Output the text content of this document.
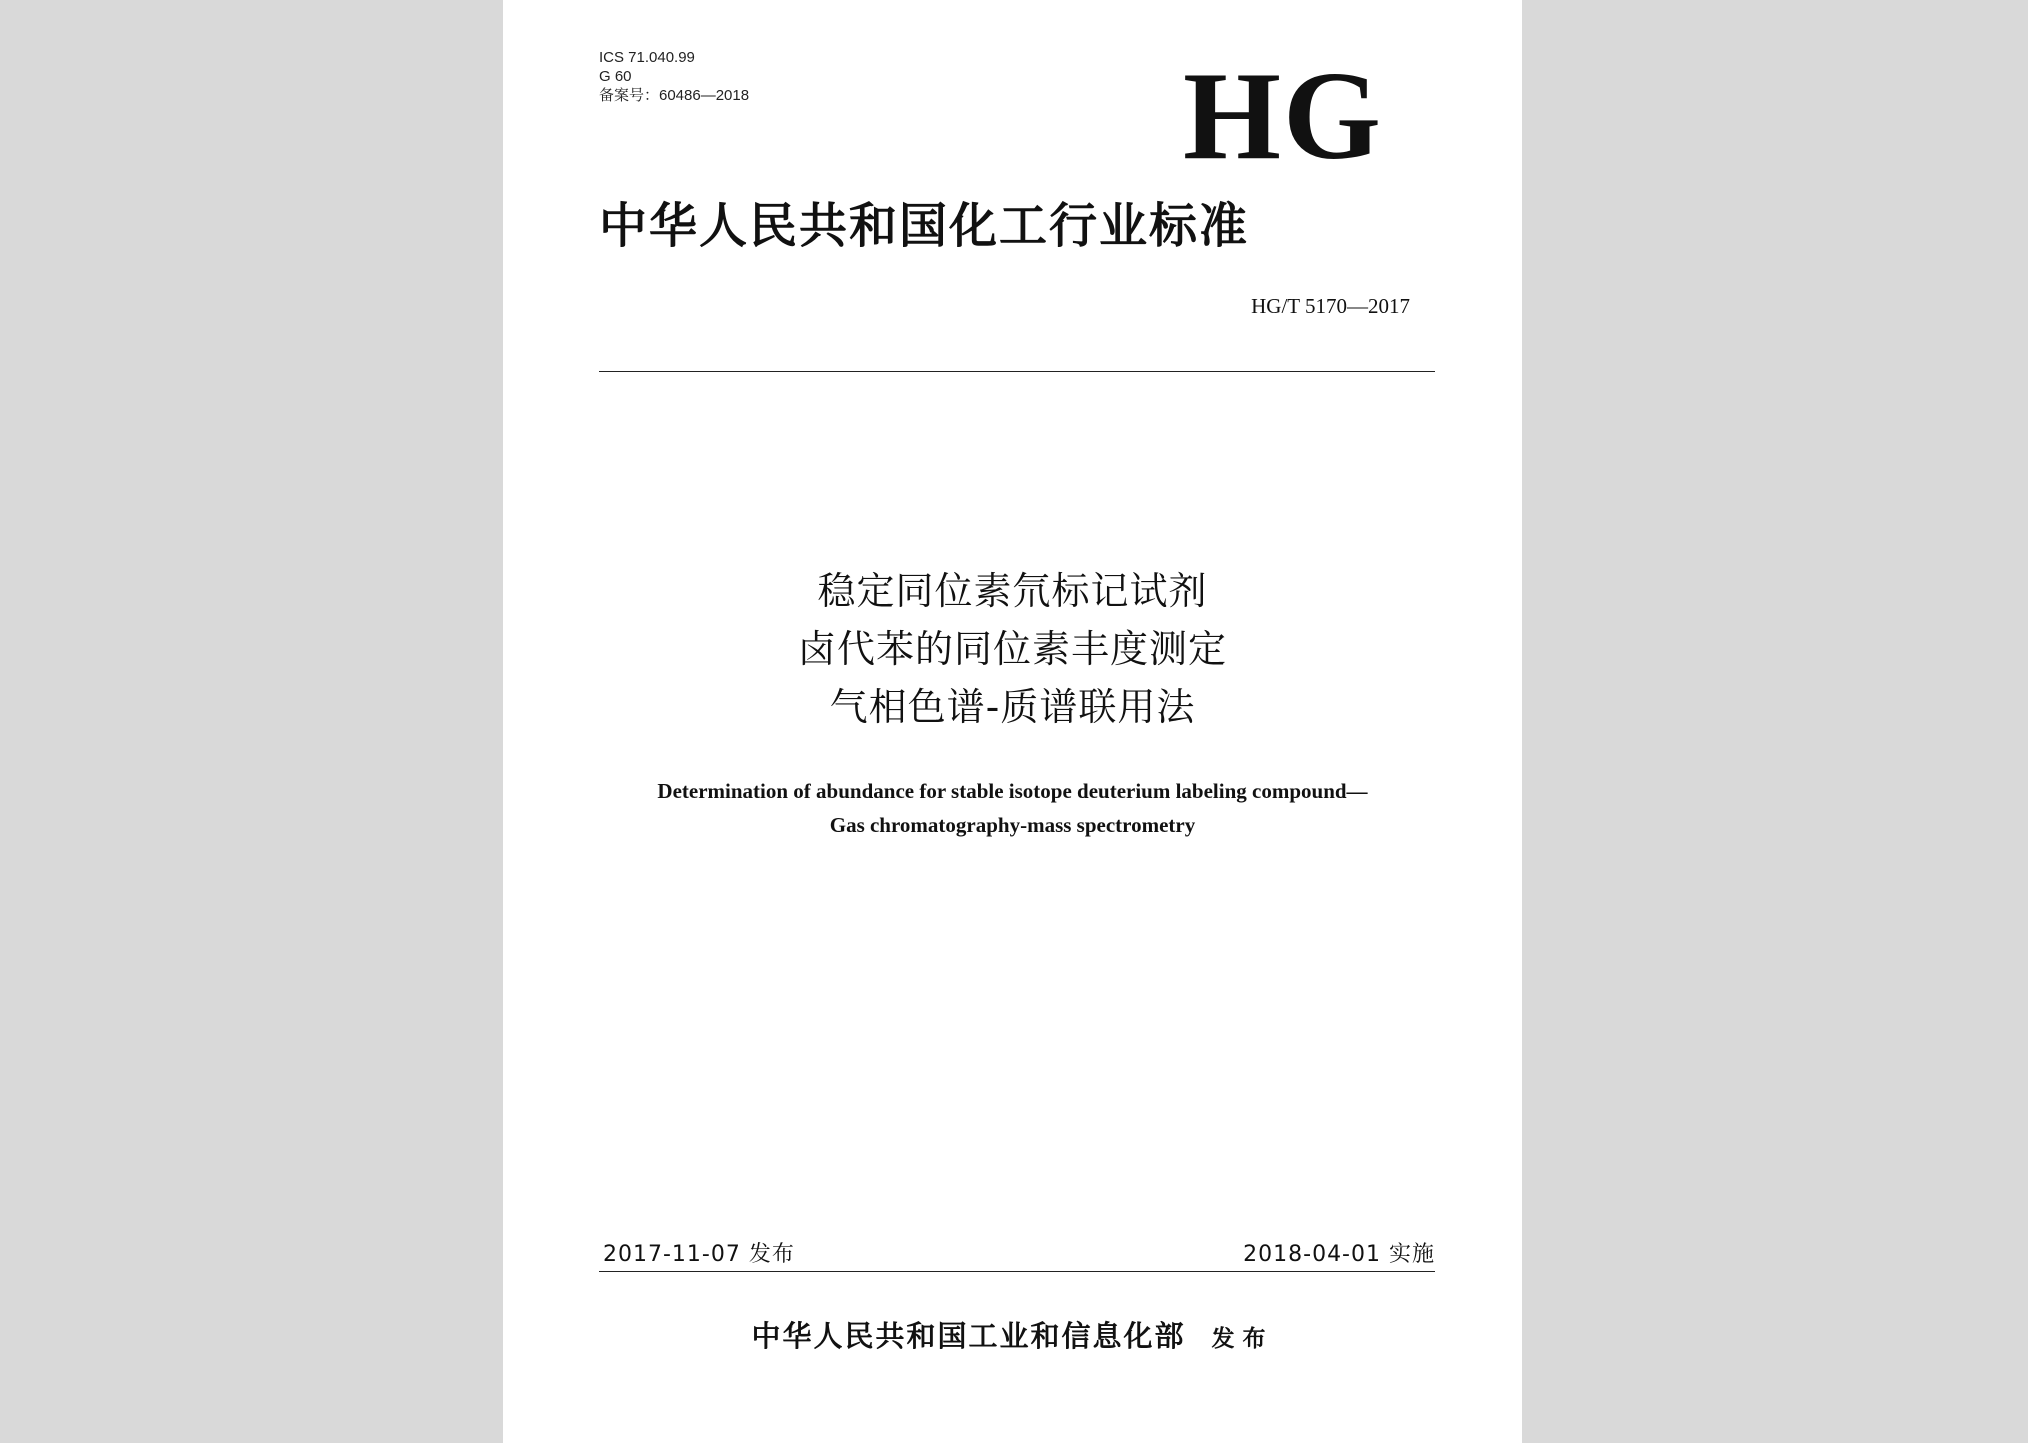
ICS 71.040.99
G 60
备案号：60486—2018	HG
中华人民共和国化工行业标准
HG/T 5170—2017
稳定同位素氘标记试剂
卤代苯的同位素丰度测定
气相色谱-质谱联用法
Determination of abundance for stable isotope deuterium labeling compound—
Gas chromatography-mass spectrometry
2017-11-07 发布	2018-04-01 实施
中华人民共和国工业和信息化部 发布
